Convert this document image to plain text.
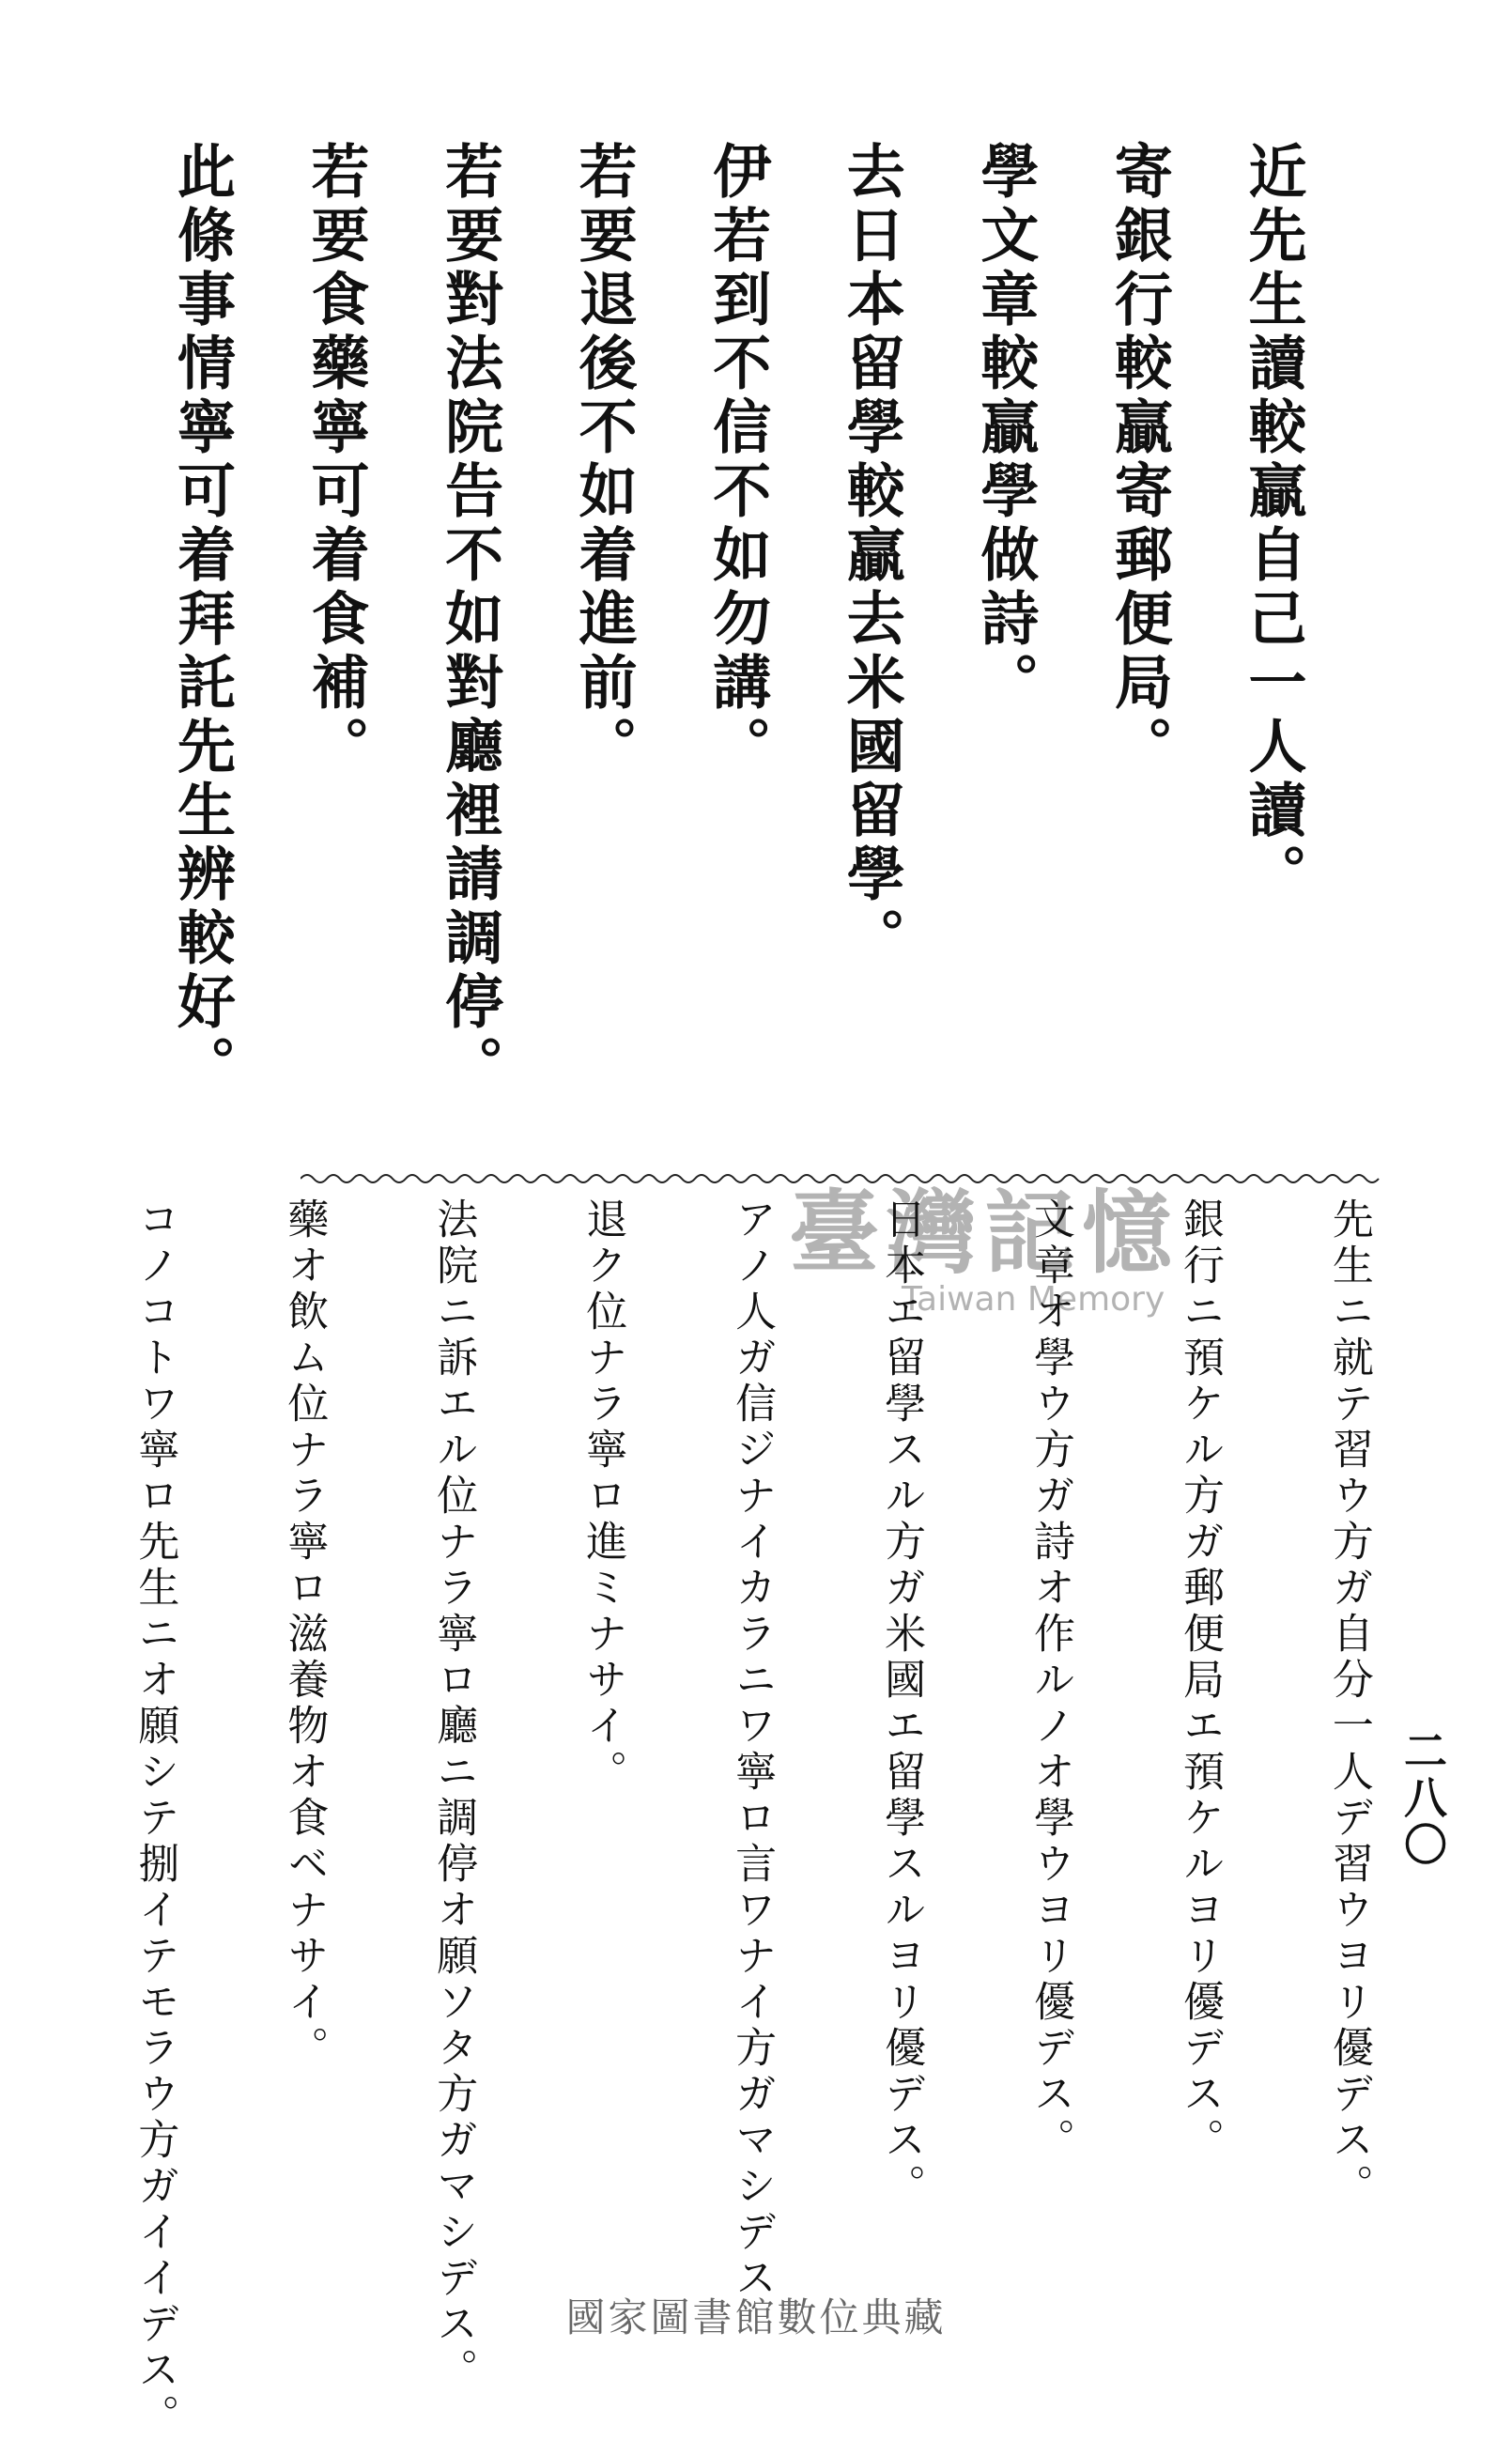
近先生讀較贏自己一人讀。
寄銀行較贏寄郵便局。
學文章較贏學做詩。
去日本留學較贏去米國留學。
伊若到不信不如勿講。
若要退後不如着進前。
若要對法院告不如對廳裡請調停。
若要食藥寧可着食補。
此條事情寧可着拜託先生辨較好。
臺灣記憶
Taiwan Memory	先生ニ就テ習ウ方ガ自分一人デ習ウヨリ優デス。
銀行ニ預ケル方ガ郵便局エ預ケルヨリ優デス。
文章オ學ウ方ガ詩オ作ルノオ學ウヨリ優デス。
日本エ留學スル方ガ米國エ留學スルヨリ優デス。
アノ人ガ信ジナイカラニワ寧ロ言ワナイ方ガマシデス
退ク位ナラ寧ロ進ミナサイ。
法院ニ訴エル位ナラ寧ロ廳ニ調停オ願ソタ方ガマシデス。
藥オ飲ム位ナラ寧ロ滋養物オ食ベナサイ。
コノコトワ寧ロ先生ニオ願シテ捌イテモラウ方ガイイデス。	二八〇
國家圖書館數位典藏
